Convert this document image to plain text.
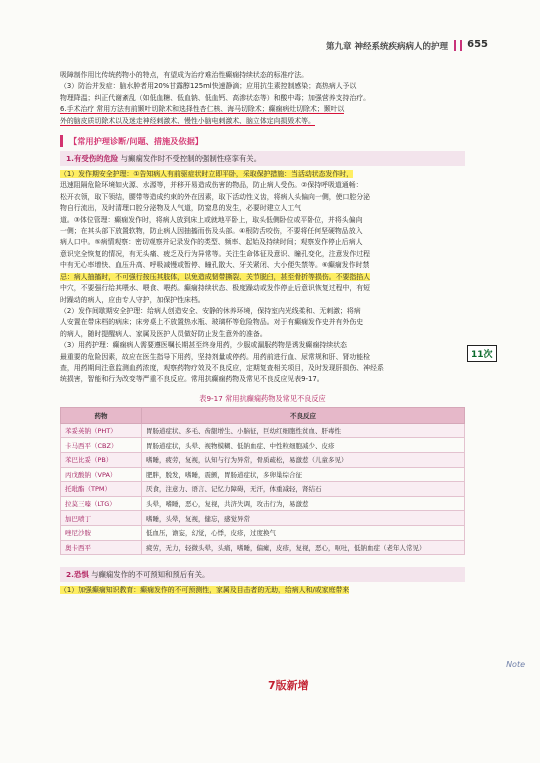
第九章 神经系统疾病病人的护理 655

吸障制作用比传统药物小的特点，有望成为治疗难治性癫痫持续状态的标准疗法。

（3）防治并发症：脑水肿者用20%甘露醇125ml快速静滴；应用抗生素控制感染；高热病人予以

物理降温；纠正代谢紊乱（如低血糖、低血钠、低血钙、高渗状态等）和酸中毒；加强营养支持治疗。

6.手术治疗 常用方法有前颞叶切除术和选择性杏仁核、海马切除术；癫痫病灶切除术；颞叶以

外的脑皮质切除术以及迷走神经刺激术、慢性小脑电刺激术、脑立体定向损毁术等。

【常用护理诊断/问题、措施及依据】
1.有受伤的危险 与癫痫发作时不受控制的强制性痉挛有关。

（1）发作期安全护理：①告知病人有前驱症状时立即平卧，采取保护措施：当活动状态发作时，

迅速阻隔危险环境如火源、水源等，并移开易造成伤害的物品，防止病人受伤。②保持呼吸道通畅：

松开衣领，取下领结，腰带等造成约束的外在因素，取下活动性义齿，将病人头偏向一侧，使口腔分泌

物自行流出，及时清理口腔分泌物及人气道，防窒息的发生，必要时建立人工气

道。③体位管理：癫痫发作时，将病人放到床上或就地平卧上，取头低侧卧位或平卧位，并将头偏向

一侧；在其头部下放置软物，防止病人因抽搐而伤及头部。④根防舌咬伤，不要将任何坚硬物品放入

病人口中。⑤病情观察：密切观察并记录发作的类型、频率、起始及持续时间；观察发作停止后病人

意识完全恢复的情况，有无头痛、疲乏及行为异常等。关注生命体征及意识、瞳孔变化，注意发作过程

中有无心率增快、血压升高、呼吸减慢或暂停、瞳孔散大、牙关紧闭、大小便失禁等。⑥癫痫发作时禁

忌：病人抽搐时，不可强行按压其肢体，以免造成韧带撕裂、关节脱臼，甚至骨折等损伤。不要指掐人

中穴，不要强行给其喂水、喂食、喂药。癫痫持续状态、极度躁动或发作停止后意识恢复过程中，有短

时躁动的病人，应由专人守护，加保护性床档。

（2）发作间歇期安全护理：给病人创造安全、安静的休养环境，保持室内光线柔和、无刺激；将病

人安置在带床档的病床；床旁桌上不放置热水瓶、玻璃杯等危险物品。对于有癫痫发作史并有外伤史

的病人，随时提醒病人、家属及医护人员做好防止发生意外的准备。

（3）用药护理：癫痫病人需要遵医嘱长期甚至终身用药，少服或漏服药物是诱发癫痫持续状态

最重要的危险因素，故应在医生指导下用药，坚持剂量或停药。用药前进行血、尿常规和肝、肾功能检

查，用药期间注意监测血药浓度，观察药物疗效及不良反应，定期复查相关项目，及时发现肝损伤、神经系

统损害，智能和行为改变等严重不良反应。常用抗癫痫药物及常见不良反应见表9-17。

表9-17 常用抗癫痫药物及常见不良反应
药物	不良反应
苯妥英钠（PHT）	胃肠道症状、多毛、齿龈增生、小脑征，巨幼红细胞性贫血、肝毒性
卡马西平（CBZ）	胃肠道症状，头晕、视物模糊、低钠血症、中性粒细胞减少、皮疹
苯巴比妥（PB）	嗜睡，疲劳，复视，认知与行为异常，骨质疏松，易激惹（儿童多见）
丙戊酸钠（VPA）	肥胖，脱发，嗜睡，震颤，胃肠道症状，多卵巢综合征
托吡酯（TPM）	厌食，注意力、语言、记忆力障碍，无汗，体重减轻，肾结石
拉莫三嗪（LTG）	头晕，嗜睡，恶心，复视，共济失调，攻击行为，易激惹
加巴喷丁	嗜睡，头晕，复视，健忘，感觉异常
唑尼沙胺	低血压，谵妄，幻觉，心悸，皮疹，过度换气
奥卡西平	疲劳，无力，轻微头晕，头痛，嗜睡，偏瘫，皮疹，复视，恶心，呕吐，低钠血症（老年人常见）
2.恐惧 与癫痫发作的不可预知和预后有关。

（1）加强癫痫知识教育：癫痫发作的不可预测性，家属及目击者的无助，给病人和/或家庭带来

11次
7版新增
Note
